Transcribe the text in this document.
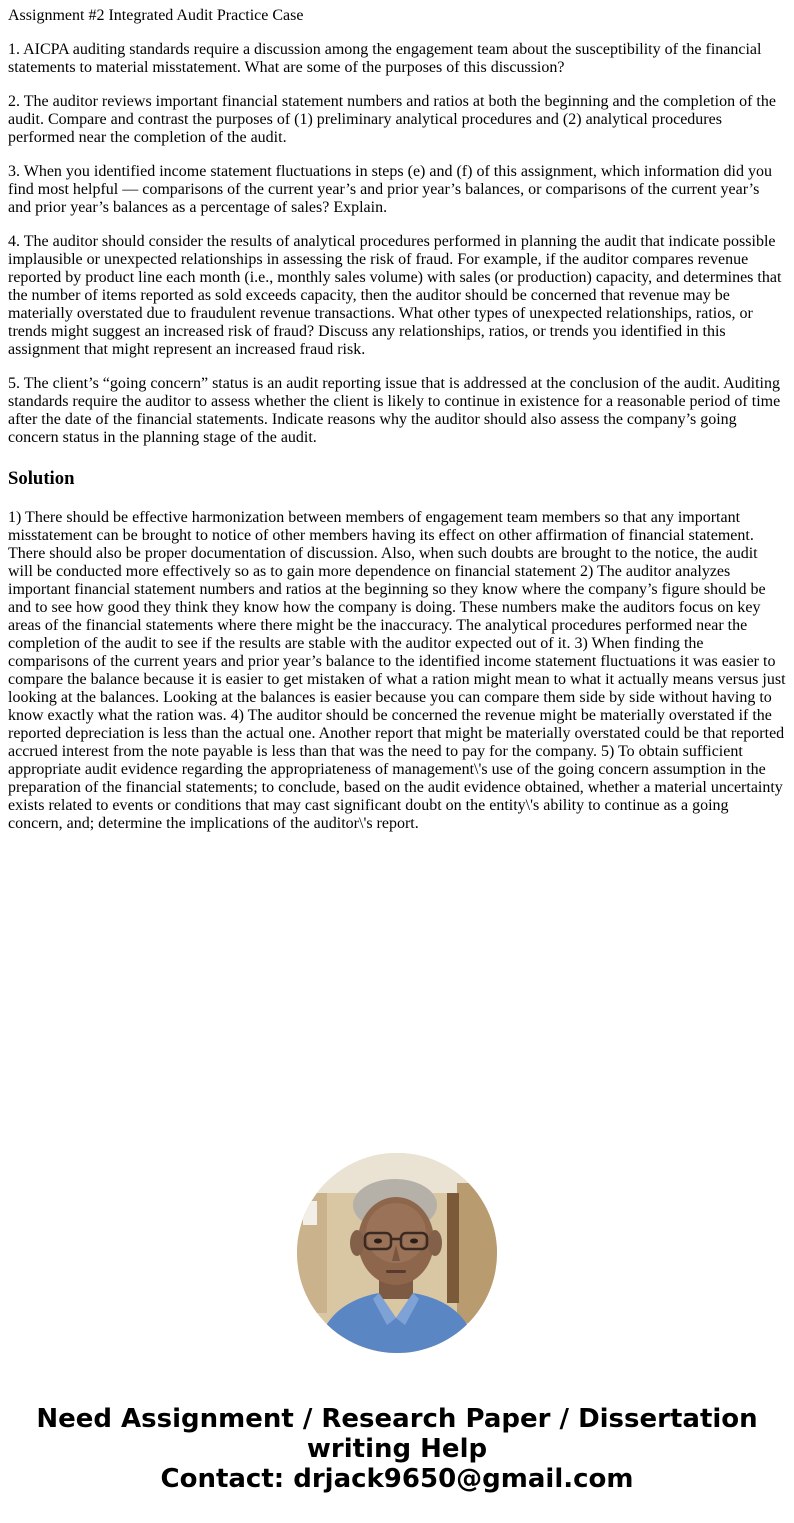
Assignment #2 Integrated Audit Practice Case
1. AICPA auditing standards require a discussion among the engagement team about the susceptibility of the financial statements to material misstatement. What are some of the purposes of this discussion?
2. The auditor reviews important financial statement numbers and ratios at both the beginning and the completion of the audit. Compare and contrast the purposes of (1) preliminary analytical procedures and (2) analytical procedures performed near the completion of the audit.
3. When you identified income statement fluctuations in steps (e) and (f) of this assignment, which information did you find most helpful — comparisons of the current year’s and prior year’s balances, or comparisons of the current year’s and prior year’s balances as a percentage of sales? Explain.
4. The auditor should consider the results of analytical procedures performed in planning the audit that indicate possible implausible or unexpected relationships in assessing the risk of fraud. For example, if the auditor compares revenue reported by product line each month (i.e., monthly sales volume) with sales (or production) capacity, and determines that the number of items reported as sold exceeds capacity, then the auditor should be concerned that revenue may be materially overstated due to fraudulent revenue transactions. What other types of unexpected relationships, ratios, or trends might suggest an increased risk of fraud? Discuss any relationships, ratios, or trends you identified in this assignment that might represent an increased fraud risk.
5. The client’s “going concern” status is an audit reporting issue that is addressed at the conclusion of the audit. Auditing standards require the auditor to assess whether the client is likely to continue in existence for a reasonable period of time after the date of the financial statements. Indicate reasons why the auditor should also assess the company’s going concern status in the planning stage of the audit.
Solution
1) There should be effective harmonization between members of engagement team members so that any important misstatement can be brought to notice of other members having its effect on other affirmation of financial statement. There should also be proper documentation of discussion. Also, when such doubts are brought to the notice, the audit will be conducted more effectively so as to gain more dependence on financial statement 2) The auditor analyzes important financial statement numbers and ratios at the beginning so they know where the company’s figure should be and to see how good they think they know how the company is doing. These numbers make the auditors focus on key areas of the financial statements where there might be the inaccuracy. The analytical procedures performed near the completion of the audit to see if the results are stable with the auditor expected out of it. 3) When finding the comparisons of the current years and prior year’s balance to the identified income statement fluctuations it was easier to compare the balance because it is easier to get mistaken of what a ration might mean to what it actually means versus just looking at the balances. Looking at the balances is easier because you can compare them side by side without having to know exactly what the ration was. 4) The auditor should be concerned the revenue might be materially overstated if the reported depreciation is less than the actual one. Another report that might be materially overstated could be that reported accrued interest from the note payable is less than that was the need to pay for the company. 5) To obtain sufficient appropriate audit evidence regarding the appropriateness of management\'s use of the going concern assumption in the preparation of the financial statements; to conclude, based on the audit evidence obtained, whether a material uncertainty exists related to events or conditions that may cast significant doubt on the entity\'s ability to continue as a going concern, and; determine the implications of the auditor\'s report.
Need Assignment / Research Paper / Dissertation
writing Help
Contact: drjack9650@gmail.com
